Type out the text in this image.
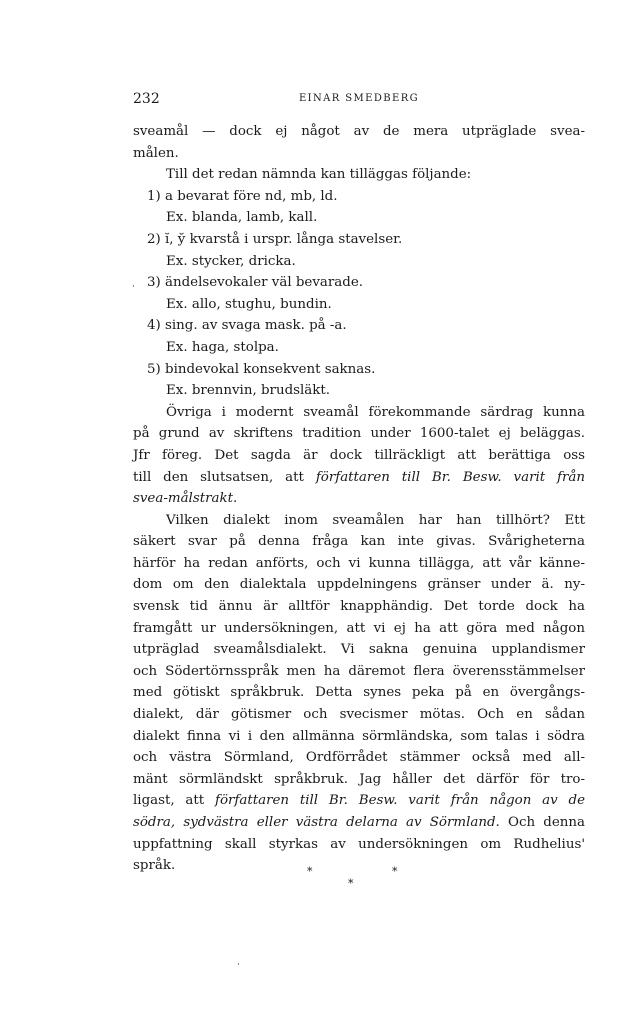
232	EINAR SMEDBERG
sveamål — dock ej något av de mera utpräglade svea-
målen.
Till det redan nämnda kan tilläggas följande:
1) a bevarat före nd, mb, ld.
Ex. blanda, lamb, kall.
2) ĭ, y̆ kvarstå i urspr. långa stavelser.
Ex. stycker, dricka.
3) ändelsevokaler väl bevarade.
Ex. allo, stughu, bundin.
4) sing. av svaga mask. på -a.
Ex. haga, stolpa.
5) bindevokal konsekvent saknas.
Ex. brennvin, brudsläkt.
Övriga i modernt sveamål förekommande särdrag kunna
på grund av skriftens tradition under 1600-talet ej beläggas.
Jfr föreg. Det sagda är dock tillräckligt att berättiga oss
till den slutsatsen, att författaren till Br. Besw. varit från
svea-målstrakt.
Vilken dialekt inom sveamålen har han tillhört? Ett
säkert svar på denna fråga kan inte givas. Svårigheterna
härför ha redan anförts, och vi kunna tillägga, att vår känne-
dom om den dialektala uppdelningens gränser under ä. ny-
svensk tid ännu är alltför knapphändig. Det torde dock ha
framgått ur undersökningen, att vi ej ha att göra med någon
utpräglad sveamålsdialekt. Vi sakna genuina upplandismer
och Södertörnsspråk men ha däremot flera överensstämmelser
med götiskt språkbruk. Detta synes peka på en övergångs-
dialekt, där götismer och svecismer mötas. Och en sådan
dialekt finna vi i den allmänna sörmländska, som talas i södra
och västra Sörmland, Ordförrådet stämmer också med all-
mänt sörmländskt språkbruk. Jag håller det därför för tro-
ligast, att författaren till Br. Besw. varit från någon av de
södra, sydvästra eller västra delarna av Sörmland. Och denna
uppfattning skall styrkas av undersökningen om Rudhelius'
språk.	*	*
*
·
·
